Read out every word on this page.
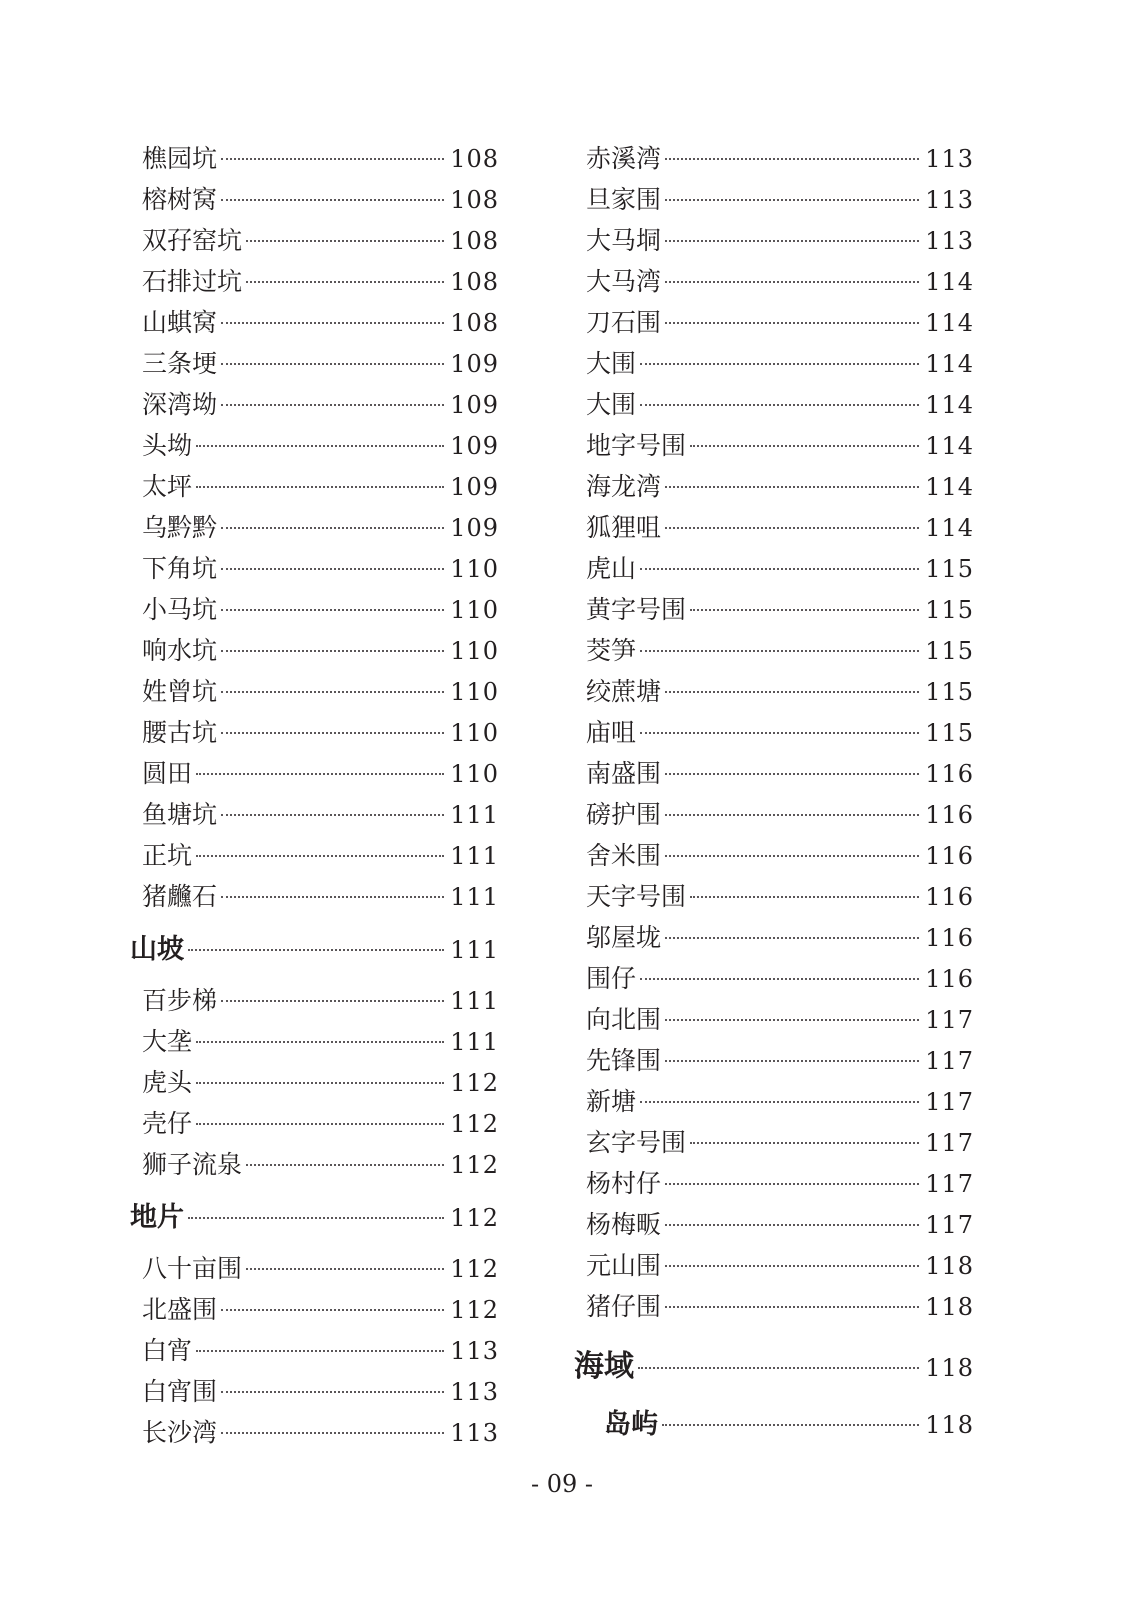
樵园坑	108
榕树窝	108
双孖窑坑	108
石排过坑	108
山蜞窝	108
三条埂	109
深湾坳	109
头坳	109
太坪	109
乌黔黔	109
下角坑	110
小马坑	110
响水坑	110
姓曾坑	110
腰古坑	110
圆田	110
鱼塘坑	111
正坑	111
猪虪石	111
山坡	111
百步梯	111
大垄	111
虎头	112
壳仔	112
狮子流泉	112
地片	112
八十亩围	112
北盛围	112
白宵	113
白宵围	113
长沙湾	113
赤溪湾	113
旦家围	113
大马垌	113
大马湾	114
刀石围	114
大围	114
大围	114
地字号围	114
海龙湾	114
狐狸咀	114
虎山	115
黄字号围	115
茭笋	115
绞蔗塘	115
庙咀	115
南盛围	116
磅护围	116
舍米围	116
天字号围	116
邬屋垅	116
围仔	116
向北围	117
先锋围	117
新塘	117
玄字号围	117
杨村仔	117
杨梅畈	117
元山围	118
猪仔围	118
海域	118
岛屿	118
- 09 -
